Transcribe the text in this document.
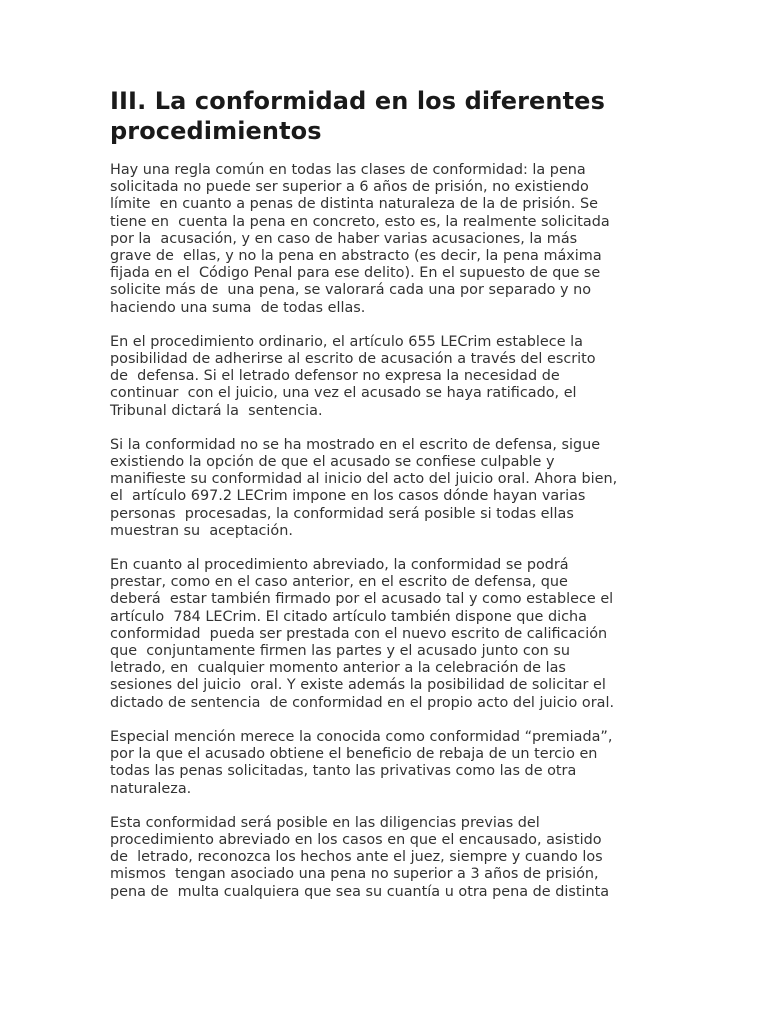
III. La conformidad en los diferentes
procedimientos

Hay una regla común en todas las clases de conformidad: la pena
solicitada no puede ser superior a 6 años de prisión, no existiendo
límite  en cuanto a penas de distinta naturaleza de la de prisión. Se
tiene en  cuenta la pena en concreto, esto es, la realmente solicitada
por la  acusación, y en caso de haber varias acusaciones, la más
grave de  ellas, y no la pena en abstracto (es decir, la pena máxima
fijada en el  Código Penal para ese delito). En el supuesto de que se
solicite más de  una pena, se valorará cada una por separado y no
haciendo una suma  de todas ellas.

En el procedimiento ordinario, el artículo 655 LECrim establece la
posibilidad de adherirse al escrito de acusación a través del escrito
de  defensa. Si el letrado defensor no expresa la necesidad de
continuar  con el juicio, una vez el acusado se haya ratificado, el
Tribunal dictará la  sentencia.

Si la conformidad no se ha mostrado en el escrito de defensa, sigue
existiendo la opción de que el acusado se confiese culpable y
manifieste su conformidad al inicio del acto del juicio oral. Ahora bien,
el  artículo 697.2 LECrim impone en los casos dónde hayan varias
personas  procesadas, la conformidad será posible si todas ellas
muestran su  aceptación.

En cuanto al procedimiento abreviado, la conformidad se podrá
prestar, como en el caso anterior, en el escrito de defensa, que
deberá  estar también firmado por el acusado tal y como establece el
artículo  784 LECrim. El citado artículo también dispone que dicha
conformidad  pueda ser prestada con el nuevo escrito de calificación
que  conjuntamente firmen las partes y el acusado junto con su
letrado, en  cualquier momento anterior a la celebración de las
sesiones del juicio  oral. Y existe además la posibilidad de solicitar el
dictado de sentencia  de conformidad en el propio acto del juicio oral.

Especial mención merece la conocida como conformidad “premiada”,
por la que el acusado obtiene el beneficio de rebaja de un tercio en
todas las penas solicitadas, tanto las privativas como las de otra
naturaleza.

Esta conformidad será posible en las diligencias previas del
procedimiento abreviado en los casos en que el encausado, asistido
de  letrado, reconozca los hechos ante el juez, siempre y cuando los
mismos  tengan asociado una pena no superior a 3 años de prisión,
pena de  multa cualquiera que sea su cuantía u otra pena de distinta
